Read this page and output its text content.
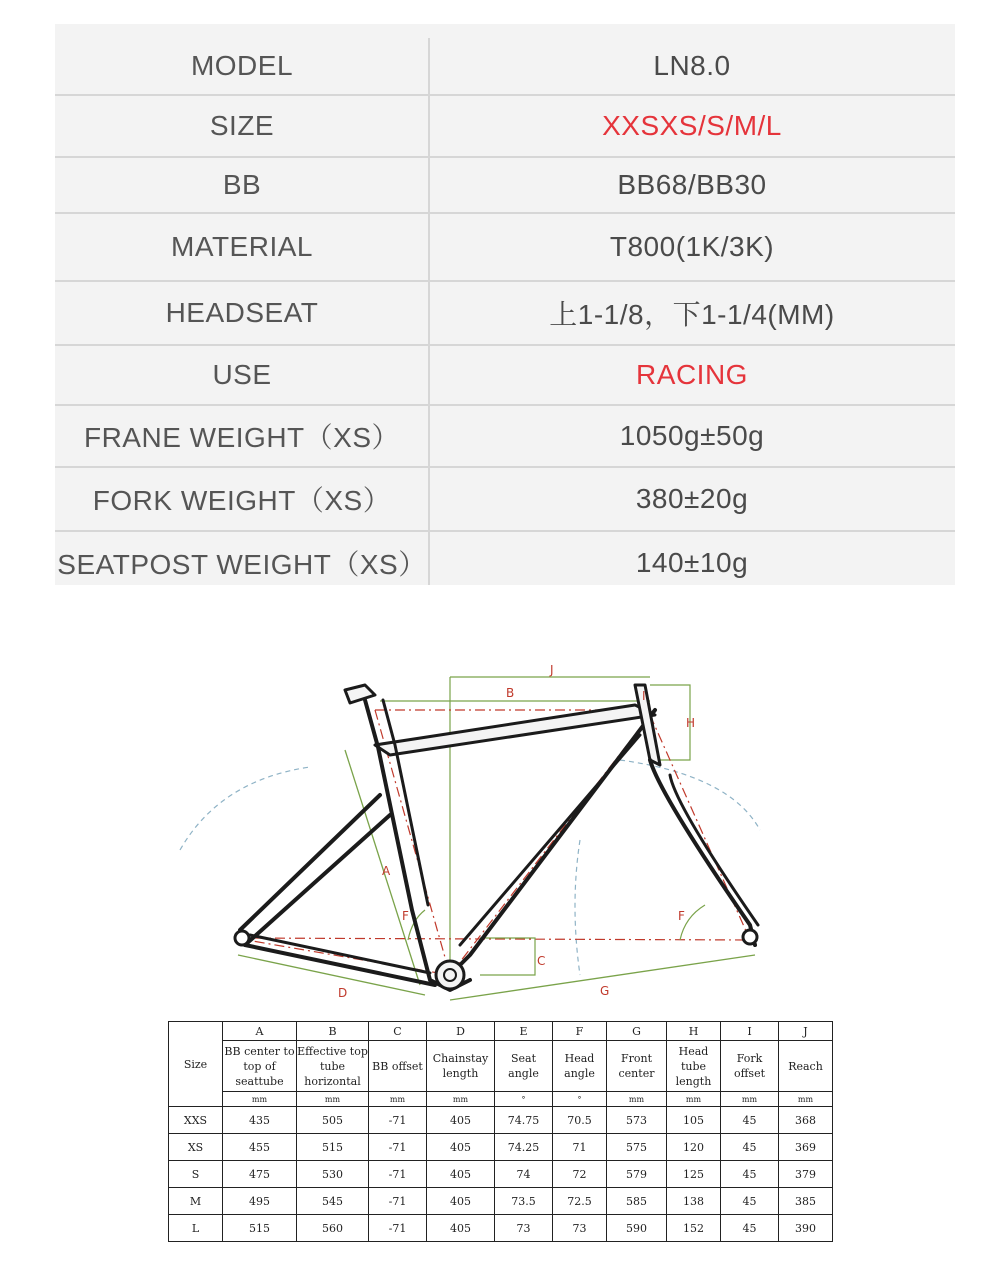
MODEL	LN8.0
SIZE	XXSXS/S/M/L
BB	BB68/BB30
MATERIAL	T800(1K/3K)
HEADSEAT	上1-1/8，下1-1/4(MM)
USE	RACING
FRANE WEIGHT（XS）	1050g±50g
FORK WEIGHT（XS）	380±20g
SEATPOST WEIGHT（XS）	140±10g
J
B
H
I
A
F	F
C
D	G
Size	A	B	C	D	E	F	G	H	I	J
	BB center to top of seattube	Effective top tube horizontal	BB offset	Chainstay length	Seat angle	Head angle	Front center	Head tube length	Fork offset	Reach
	mm	mm	mm	mm	°	°	mm	mm	mm	mm
XXS	435	505	-71	405	74.75	70.5	573	105	45	368
XS	455	515	-71	405	74.25	71	575	120	45	369
S	475	530	-71	405	74	72	579	125	45	379
M	495	545	-71	405	73.5	72.5	585	138	45	385
L	515	560	-71	405	73	73	590	152	45	390
